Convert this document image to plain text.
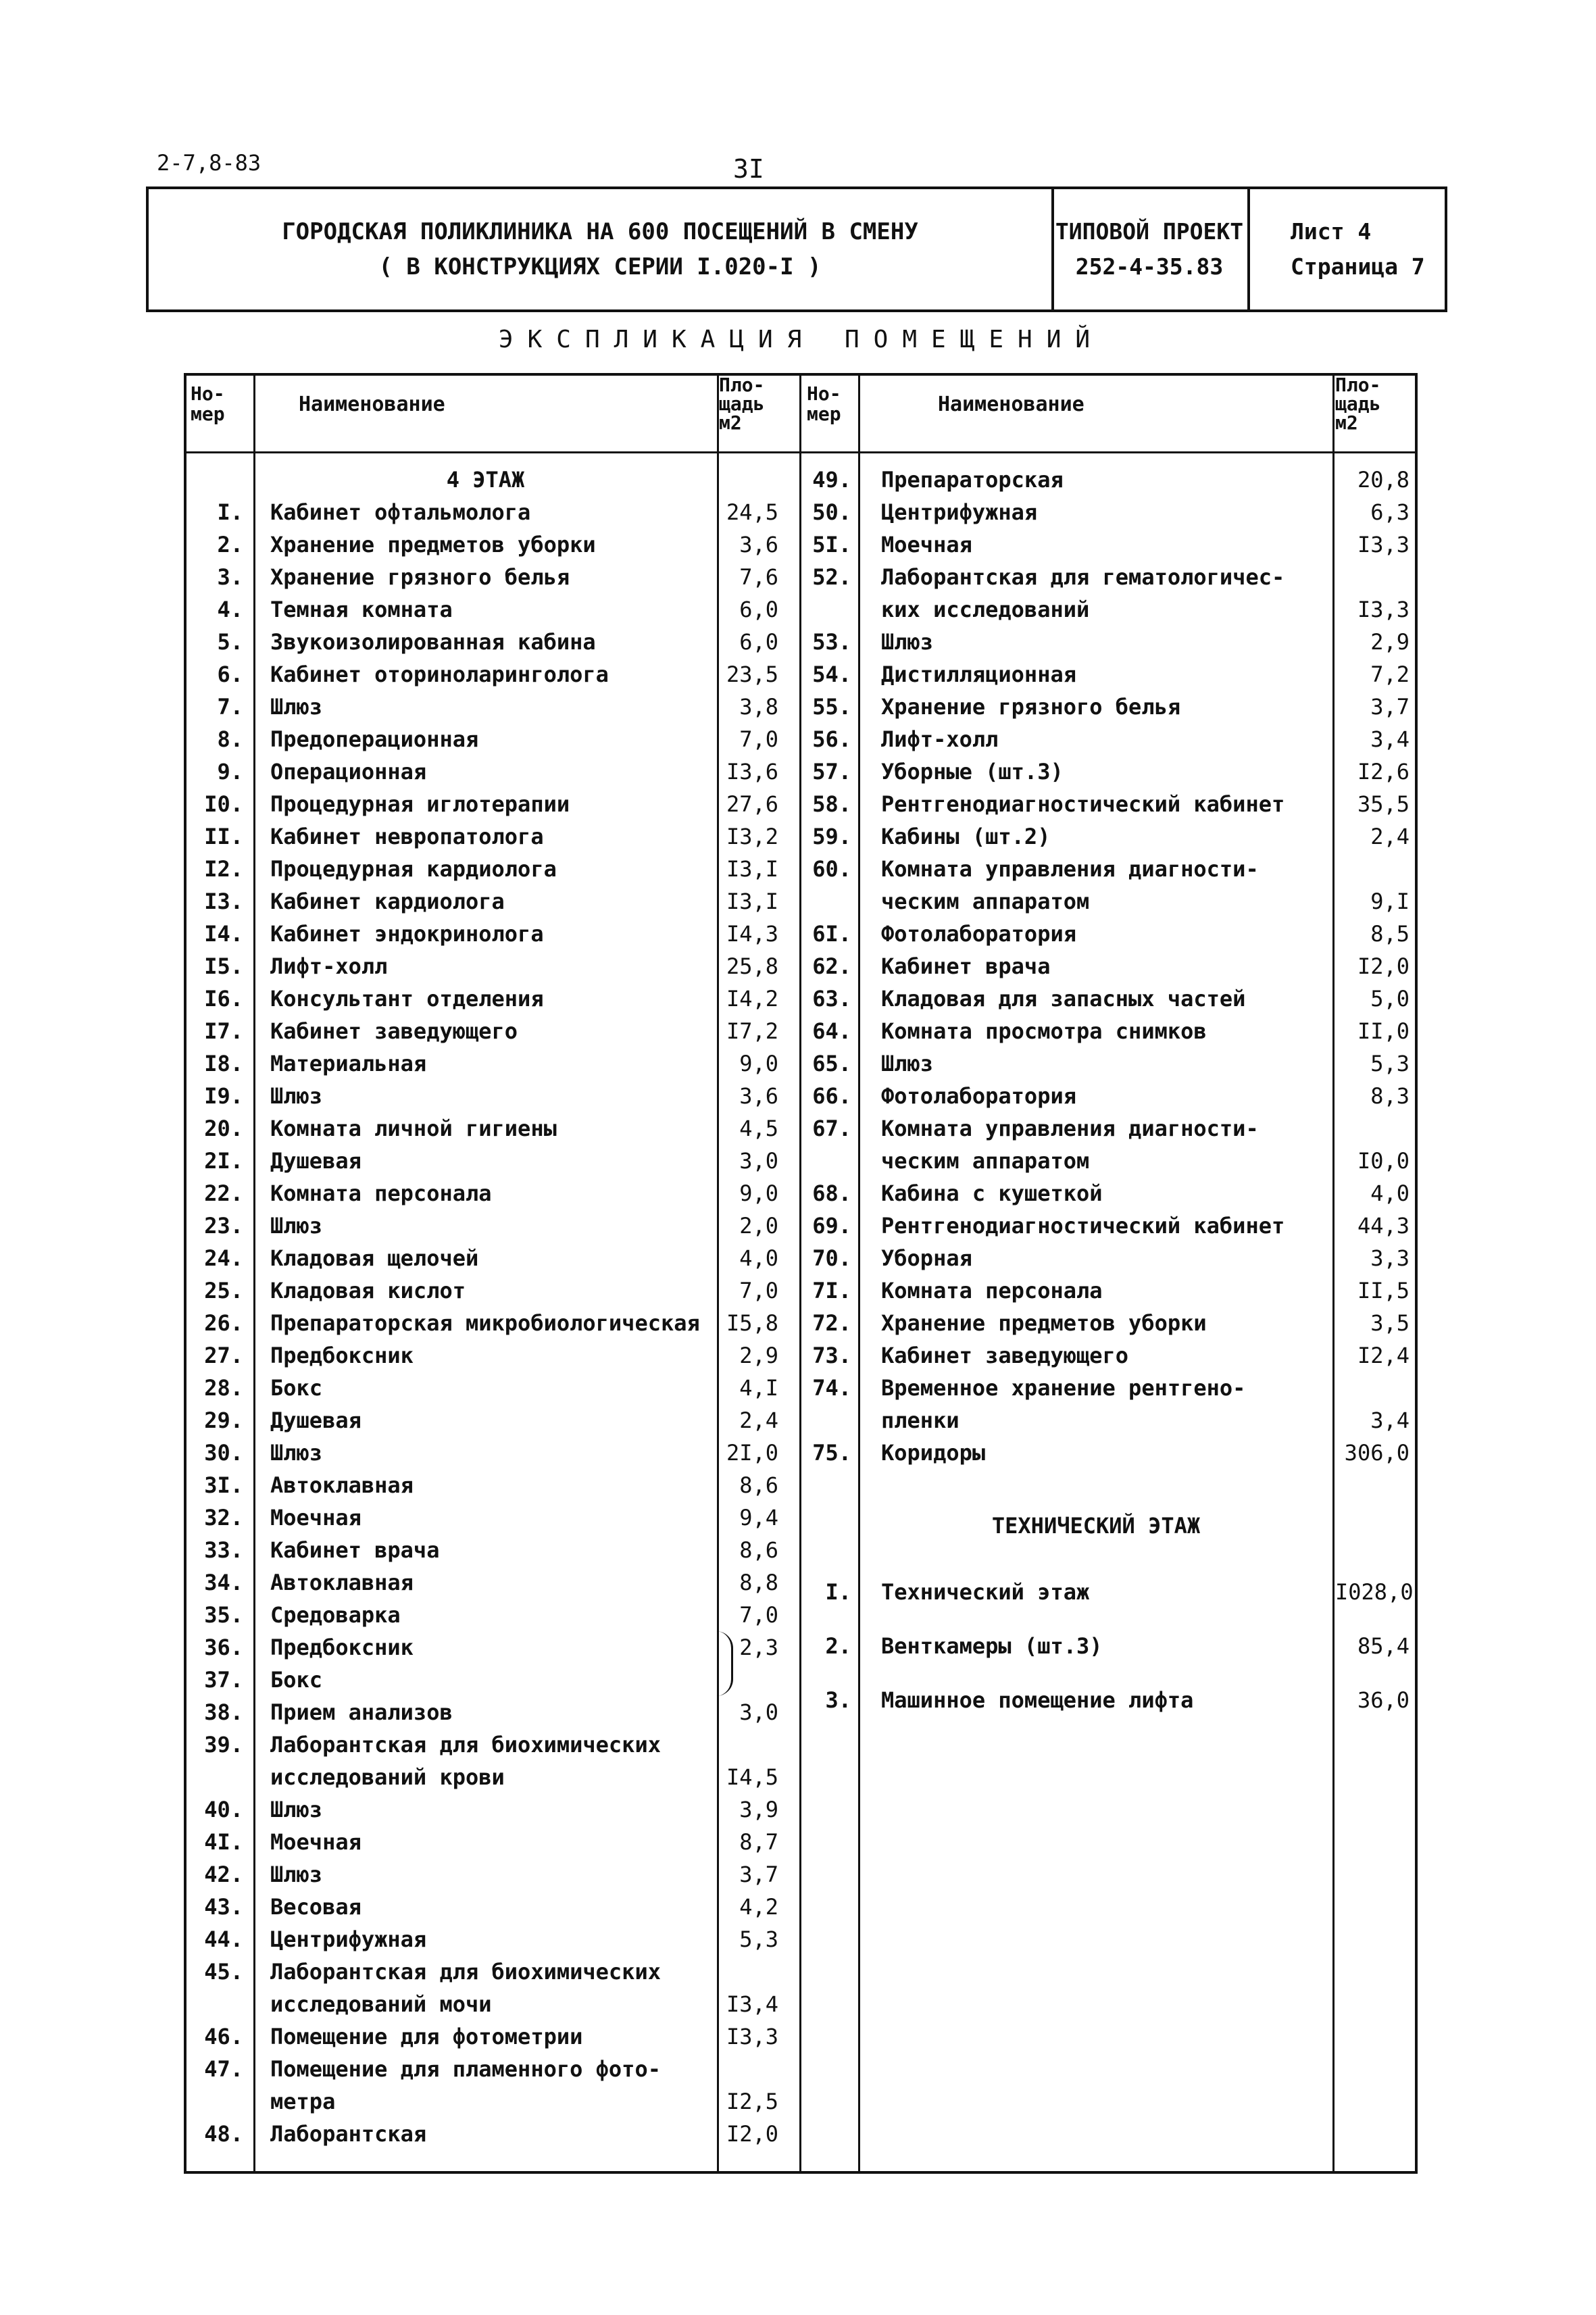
2-7,8-83	3I
ГОРОДСКАЯ ПОЛИКЛИНИКА НА 600 ПОСЕЩЕНИЙ В СМЕНУ
( В КОНСТРУКЦИЯХ СЕРИИ I.020-I )
ТИПОВОЙ ПРОЕКТ
252-4-35.83
Лист 4
Страница 7
ЭКСПЛИКАЦИЯ ПОМЕЩЕНИЙ
Но-
мер	Наименование
Пло-
щадь
м2
Но-
мер	Наименование
Пло-
щадь
м2
4 ЭТАЖ
I. Кабинет офтальмолога	24,5
2. Хранение предметов уборки	3,6
3. Хранение грязного белья	7,6
4. Темная комната	6,0
5. Звукоизолированная кабина	6,0
6. Кабинет оториноларинголога	23,5
7. Шлюз	3,8
8. Предоперационная	7,0
9. Операционная	I3,6
I0. Процедурная иглотерапии	27,6
II. Кабинет невропатолога	I3,2
I2. Процедурная кардиолога	I3,I
I3. Кабинет кардиолога	I3,I
I4. Кабинет эндокринолога	I4,3
I5. Лифт-холл	25,8
I6. Консультант отделения	I4,2
I7. Кабинет заведующего	I7,2
I8. Материальная	9,0
I9. Шлюз	3,6
20. Комната личной гигиены	4,5
2I. Душевая	3,0
22. Комната персонала	9,0
23. Шлюз	2,0
24. Кладовая щелочей	4,0
25. Кладовая кислот	7,0
26. Препараторская микробиологическая	I5,8
27. Предбоксник	2,9
28. Бокс	4,I
29. Душевая	2,4
30. Шлюз	2I,0
3I. Автоклавная	8,6
32. Моечная	9,4
33. Кабинет врача	8,6
34. Автоклавная	8,8
35. Средоварка	7,0
36. Предбоксник	2,3
37. Бокс
38. Прием анализов	3,0
39. Лаборантская для биохимических
исследований крови	I4,5
40. Шлюз	3,9
4I. Моечная	8,7
42. Шлюз	3,7
43. Весовая	4,2
44. Центрифужная	5,3
45. Лаборантская для биохимических
исследований мочи	I3,4
46. Помещение для фотометрии	I3,3
47. Помещение для пламенного фото-
метра	I2,5
48. Лаборантская	I2,0
49. Препараторская	20,8
50. Центрифужная	6,3
5I. Моечная	I3,3
52. Лаборантская для гематологичес-
ких исследований	I3,3
53. Шлюз	2,9
54. Дистилляционная	7,2
55. Хранение грязного белья	3,7
56. Лифт-холл	3,4
57. Уборные (шт.3)	I2,6
58. Рентгенодиагностический кабинет	35,5
59. Кабины (шт.2)	2,4
60. Комната управления диагности-
ческим аппаратом	9,I
6I. Фотолаборатория	8,5
62. Кабинет врача	I2,0
63. Кладовая для запасных частей	5,0
64. Комната просмотра снимков	II,0
65. Шлюз	5,3
66. Фотолаборатория	8,3
67. Комната управления диагности-
ческим аппаратом	I0,0
68. Кабина с кушеткой	4,0
69. Рентгенодиагностический кабинет	44,3
70. Уборная	3,3
7I. Комната персонала	II,5
72. Хранение предметов уборки	3,5
73. Кабинет заведующего	I2,4
74. Временное хранение рентгено-
пленки	3,4
75. Коридоры	306,0
ТЕХНИЧЕСКИЙ ЭТАЖ
I. Технический этаж	I028,0
2. Венткамеры (шт.3)	85,4
3. Машинное помещение лифта	36,0
